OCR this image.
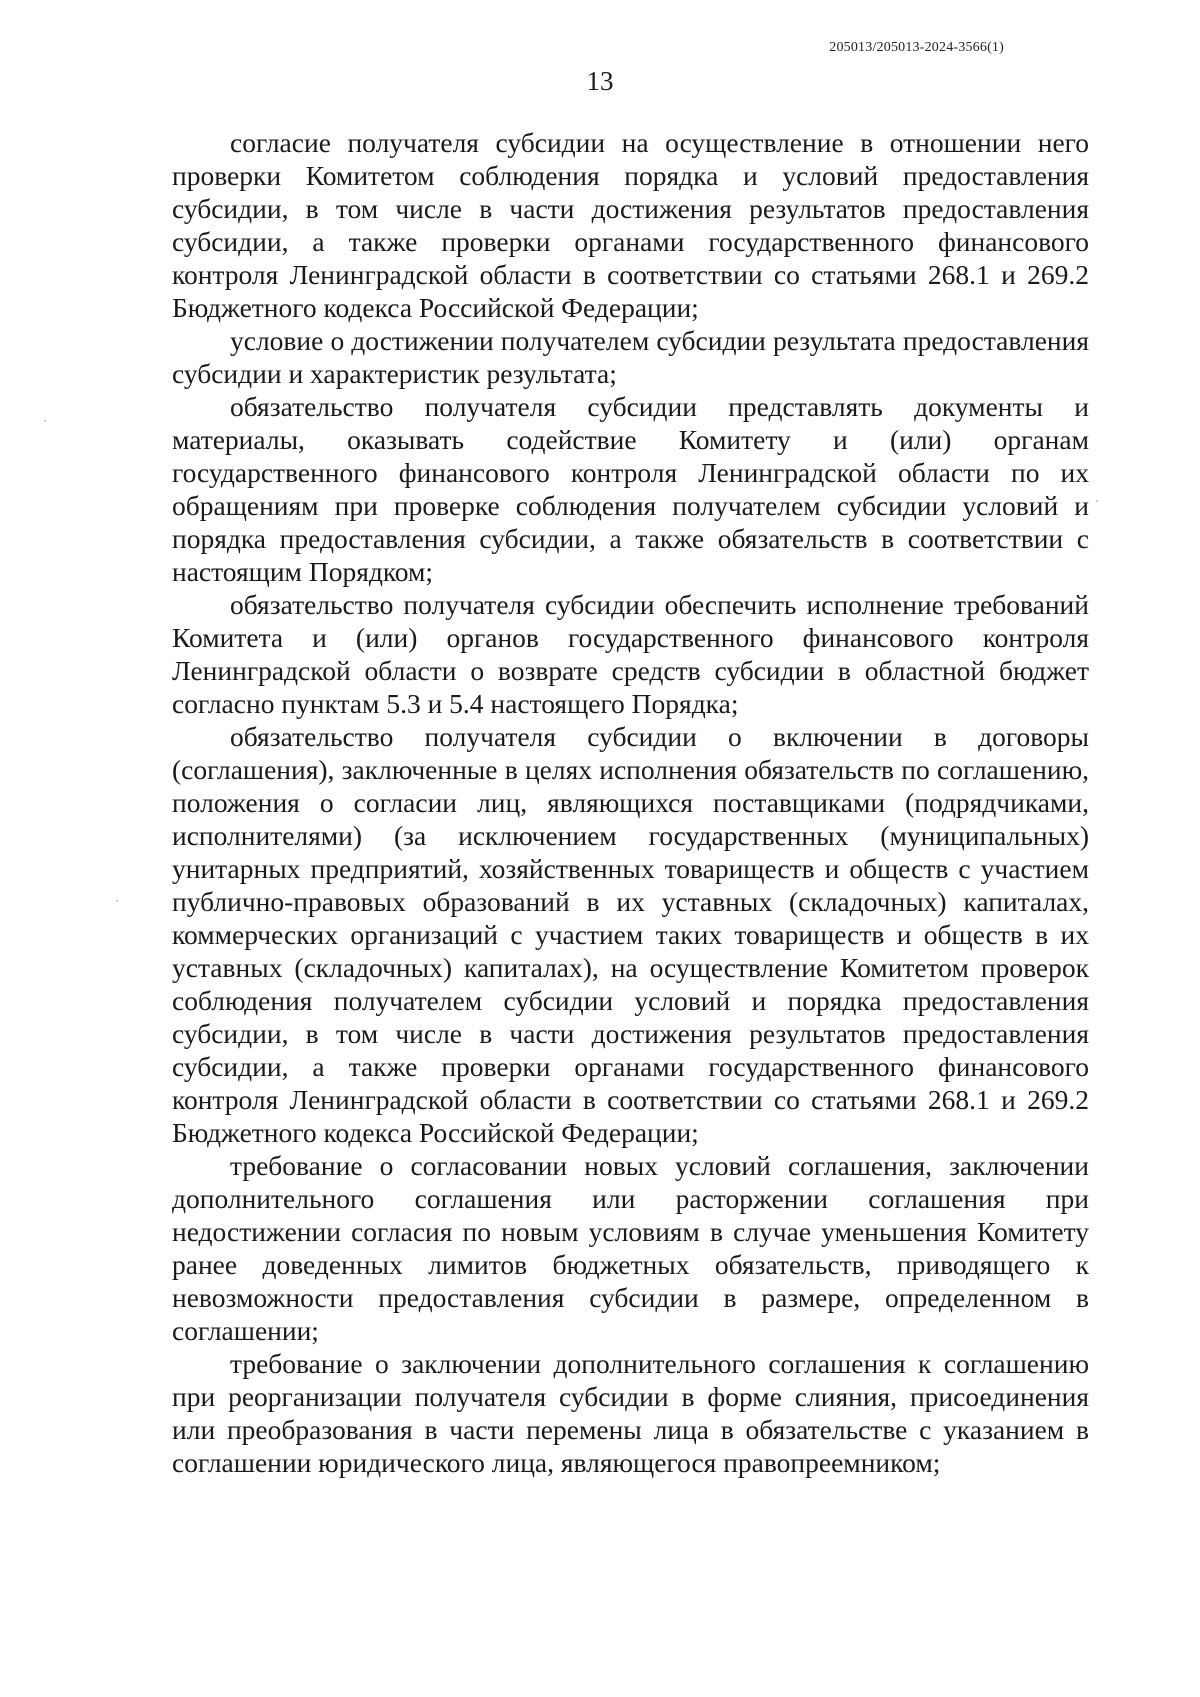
205013/205013-2024-3566(1)
13

согласие получателя субсидии на осуществление в отношении него проверки Комитетом соблюдения порядка и условий предоставления субсидии, в том числе в части достижения результатов предоставления субсидии, а также проверки органами государственного финансового контроля Ленинградской области в соответствии со статьями 268.1 и 269.2 Бюджетного кодекса Российской Федерации;

условие о достижении получателем субсидии результата предоставления субсидии и характеристик результата;

обязательство получателя субсидии представлять документы и материалы, оказывать содействие Комитету и (или) органам государственного финансового контроля Ленинградской области по их обращениям при проверке соблюдения получателем субсидии условий и порядка предоставления субсидии, а также обязательств в соответствии с настоящим Порядком;

обязательство получателя субсидии обеспечить исполнение требований Комитета и (или) органов государственного финансового контроля Ленинградской области о возврате средств субсидии в областной бюджет согласно пунктам 5.3 и 5.4 настоящего Порядка;

обязательство получателя субсидии о включении в договоры (соглашения), заключенные в целях исполнения обязательств по соглашению, положения о согласии лиц, являющихся поставщиками (подрядчиками, исполнителями) (за исключением государственных (муниципальных) унитарных предприятий, хозяйственных товариществ и обществ с участием публично-правовых образований в их уставных (складочных) капиталах, коммерческих организаций с участием таких товариществ и обществ в их уставных (складочных) капиталах), на осуществление Комитетом проверок соблюдения получателем субсидии условий и порядка предоставления субсидии, в том числе в части достижения результатов предоставления субсидии, а также проверки органами государственного финансового контроля Ленинградской области в соответствии со статьями 268.1 и 269.2 Бюджетного кодекса Российской Федерации;

требование о согласовании новых условий соглашения, заключении дополнительного соглашения или расторжении соглашения при недостижении согласия по новым условиям в случае уменьшения Комитету ранее доведенных лимитов бюджетных обязательств, приводящего к невозможности предоставления субсидии в размере, определенном в соглашении;

требование о заключении дополнительного соглашения к соглашению при реорганизации получателя субсидии в форме слияния, присоединения или преобразования в части перемены лица в обязательстве с указанием в соглашении юридического лица, являющегося правопреемником;
